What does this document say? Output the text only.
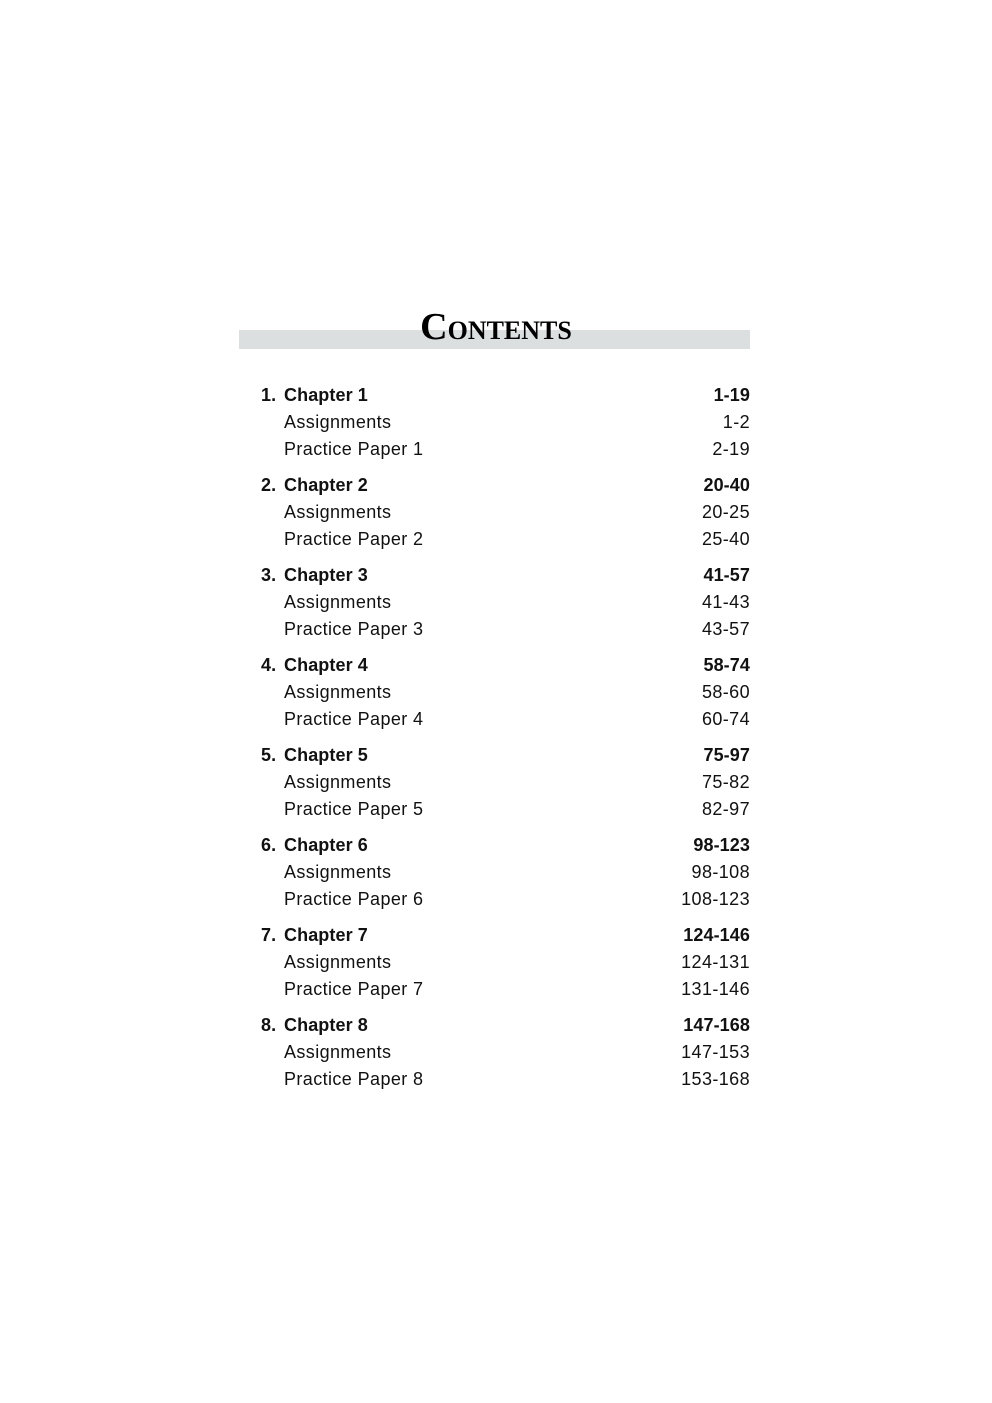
CONTENTS
1. Chapter 1	1-19
Assignments	1-2
Practice Paper 1	2-19
2. Chapter 2	20-40
Assignments	20-25
Practice Paper 2	25-40
3. Chapter 3	41-57
Assignments	41-43
Practice Paper 3	43-57
4. Chapter 4	58-74
Assignments	58-60
Practice Paper 4	60-74
5. Chapter 5	75-97
Assignments	75-82
Practice Paper 5	82-97
6. Chapter 6	98-123
Assignments	98-108
Practice Paper 6	108-123
7. Chapter 7	124-146
Assignments	124-131
Practice Paper 7	131-146
8. Chapter 8	147-168
Assignments	147-153
Practice Paper 8	153-168
